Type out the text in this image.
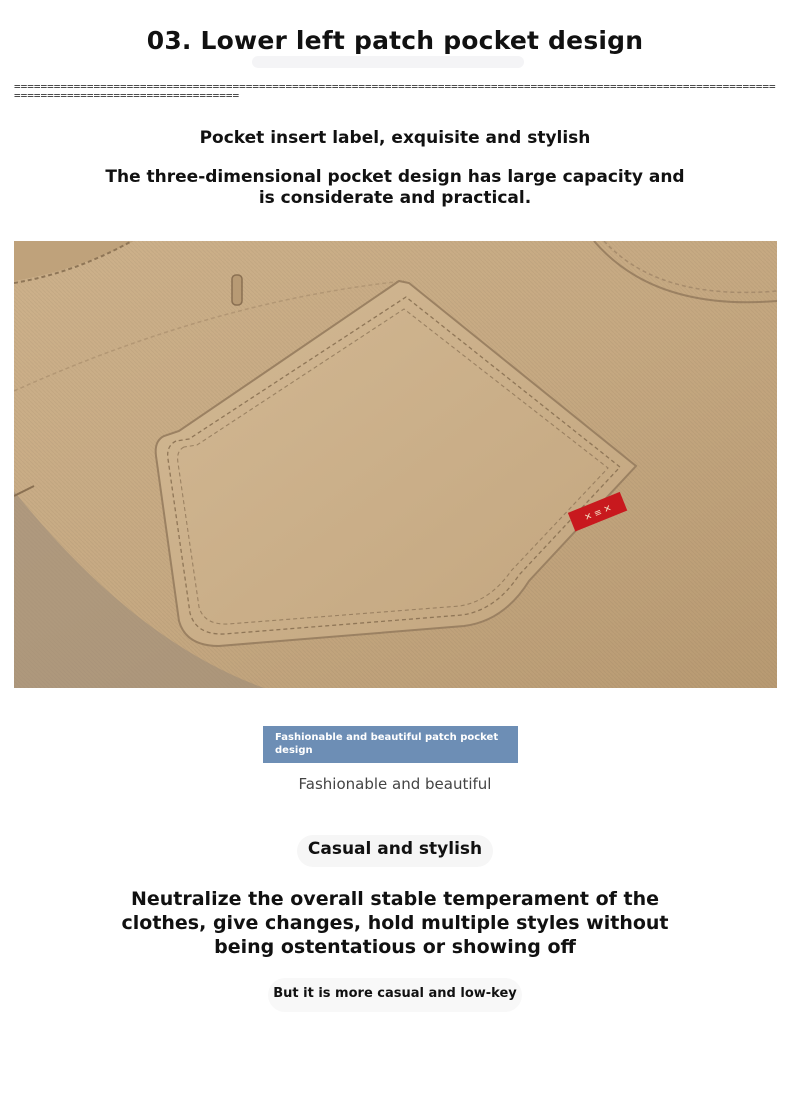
03. Lower left patch pocket design
=====================================================================================================================================================
Pocket insert label, exquisite and stylish
The three-dimensional pocket design has large capacity and is considerate and practical.
✕ ≡ ✕
Fashionable and beautiful patch pocket design
Fashionable and beautiful
Casual and stylish
Neutralize the overall stable temperament of the clothes, give changes, hold multiple styles without being ostentatious or showing off
But it is more casual and low-key
